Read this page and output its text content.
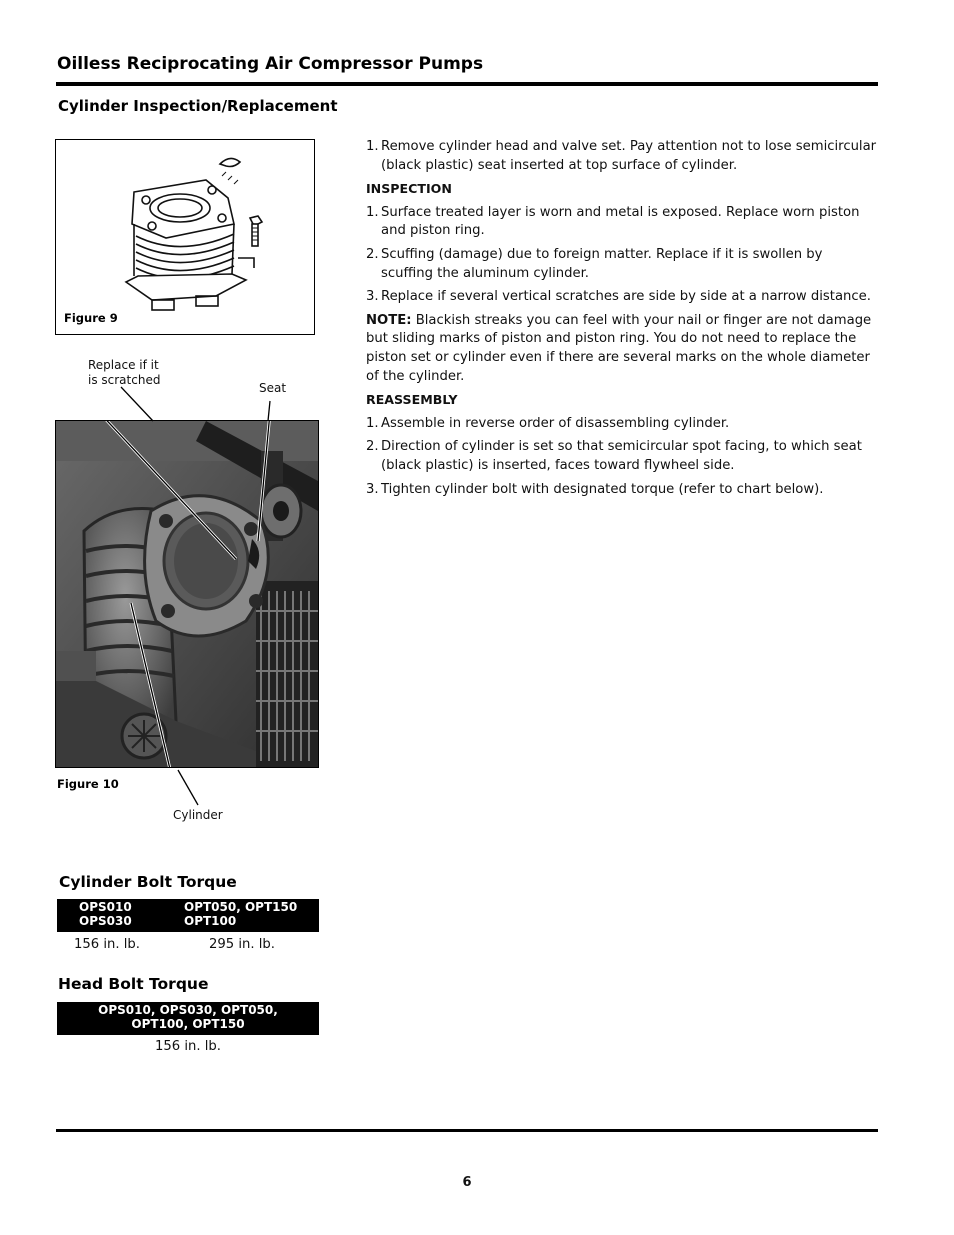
Oilless Reciprocating Air Compressor Pumps
Cylinder Inspection/Replacement
Figure 9
Replace if it
is scratched
Seat
Figure 10
Cylinder
1. Remove cylinder head and valve set. Pay attention not to lose semicircular (black plastic) seat inserted at top surface of cylinder.
INSPECTION
1. Surface treated layer is worn and metal is exposed. Replace worn piston and piston ring.
2. Scuffing (damage) due to foreign matter. Replace if it is swollen by scuffing the aluminum cylinder.
3. Replace if several vertical scratches are side by side at a narrow distance.

NOTE: Blackish streaks you can feel with your nail or finger are not damage but sliding marks of piston and piston ring. You do not need to replace the piston set or cylinder even if there are several marks on the whole diameter of the cylinder.

REASSEMBLY
1. Assemble in reverse order of disassembling cylinder.
2. Direction of cylinder is set so that semicircular spot facing, to which seat (black plastic) is inserted, faces toward flywheel side.
3. Tighten cylinder bolt with designated torque (refer to chart below).
Cylinder Bolt Torque
OPS010
OPS030
OPT050, OPT150
OPT100
156 in. lb.	295 in. lb.
Head Bolt Torque
OPS010, OPS030, OPT050,
OPT100, OPT150
156 in. lb.
6
